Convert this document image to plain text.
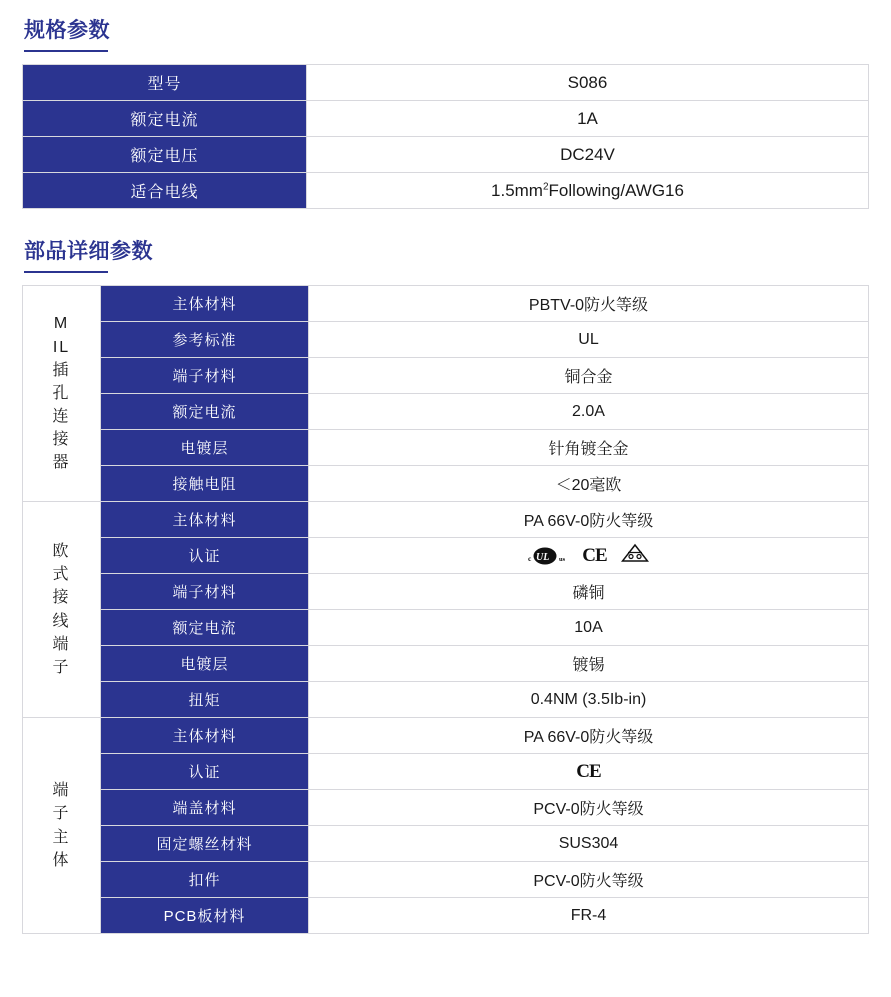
规格参数
型号	S086
额定电流	1A
额定电压	DC24V
适合电线	$1.5mm^2Following/AWG16$
部品详细参数
MIL插孔连接器	主体材料	PBTV-0防火等级
	参考标准	UL
	端子材料	铜合金
	额定电流	2.0A
	电镀层	针角镀全金
	接触电阻	＜20毫欧

欧式接线端子	主体材料	PA 66V-0防火等级
	认证	c UL us CE

	端子材料	磷铜
	额定电流	10A
	电镀层	镀锡
	扭矩	0.4NM (3.5Ib-in)

端子主体	主体材料	PA 66V-0防火等级
	认证	CE

	端盖材料	PCV-0防火等级
	固定螺丝材料	SUS304
	扣件	PCV-0防火等级
	PCB板材料	FR-4
